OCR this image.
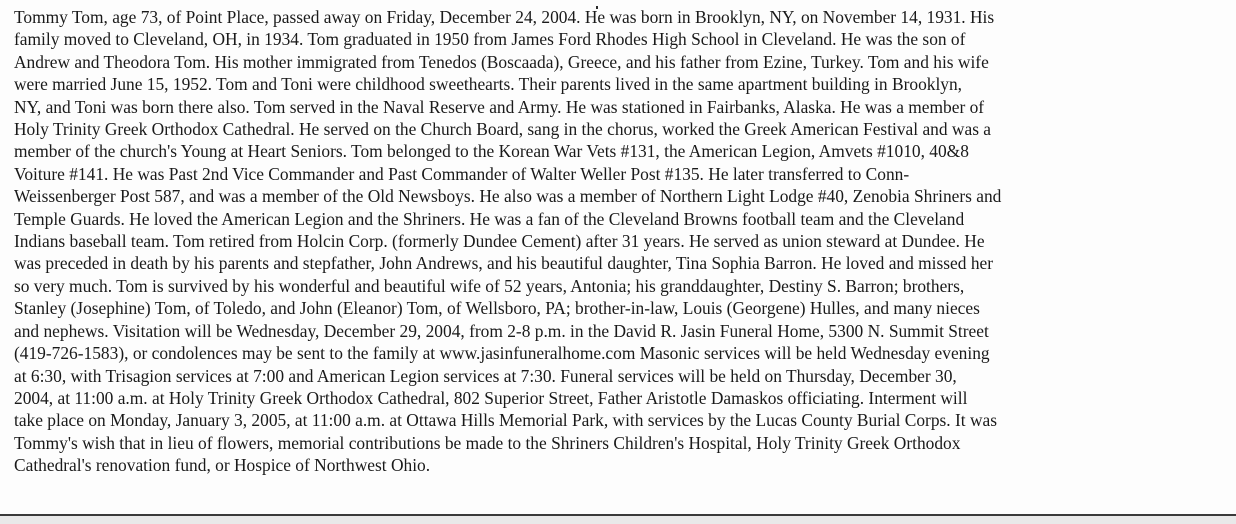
Tommy Tom, age 73, of Point Place, passed away on Friday, December 24, 2004. He was born in Brooklyn, NY, on November 14, 1931. His
family moved to Cleveland, OH, in 1934. Tom graduated in 1950 from James Ford Rhodes High School in Cleveland. He was the son of
Andrew and Theodora Tom. His mother immigrated from Tenedos (Boscaada), Greece, and his father from Ezine, Turkey. Tom and his wife
were married June 15, 1952. Tom and Toni were childhood sweethearts. Their parents lived in the same apartment building in Brooklyn,
NY, and Toni was born there also. Tom served in the Naval Reserve and Army. He was stationed in Fairbanks, Alaska. He was a member of
Holy Trinity Greek Orthodox Cathedral. He served on the Church Board, sang in the chorus, worked the Greek American Festival and was a
member of the church's Young at Heart Seniors. Tom belonged to the Korean War Vets #131, the American Legion, Amvets #1010, 40&8
Voiture #141. He was Past 2nd Vice Commander and Past Commander of Walter Weller Post #135. He later transferred to Conn-
Weissenberger Post 587, and was a member of the Old Newsboys. He also was a member of Northern Light Lodge #40, Zenobia Shriners and
Temple Guards. He loved the American Legion and the Shriners. He was a fan of the Cleveland Browns football team and the Cleveland
Indians baseball team. Tom retired from Holcin Corp. (formerly Dundee Cement) after 31 years. He served as union steward at Dundee. He
was preceded in death by his parents and stepfather, John Andrews, and his beautiful daughter, Tina Sophia Barron. He loved and missed her
so very much. Tom is survived by his wonderful and beautiful wife of 52 years, Antonia; his granddaughter, Destiny S. Barron; brothers,
Stanley (Josephine) Tom, of Toledo, and John (Eleanor) Tom, of Wellsboro, PA; brother-in-law, Louis (Georgene) Hulles, and many nieces
and nephews. Visitation will be Wednesday, December 29, 2004, from 2-8 p.m. in the David R. Jasin Funeral Home, 5300 N. Summit Street
(419-726-1583), or condolences may be sent to the family at www.jasinfuneralhome.com Masonic services will be held Wednesday evening
at 6:30, with Trisagion services at 7:00 and American Legion services at 7:30. Funeral services will be held on Thursday, December 30,
2004, at 11:00 a.m. at Holy Trinity Greek Orthodox Cathedral, 802 Superior Street, Father Aristotle Damaskos officiating. Interment will
take place on Monday, January 3, 2005, at 11:00 a.m. at Ottawa Hills Memorial Park, with services by the Lucas County Burial Corps. It was
Tommy's wish that in lieu of flowers, memorial contributions be made to the Shriners Children's Hospital, Holy Trinity Greek Orthodox
Cathedral's renovation fund, or Hospice of Northwest Ohio.
